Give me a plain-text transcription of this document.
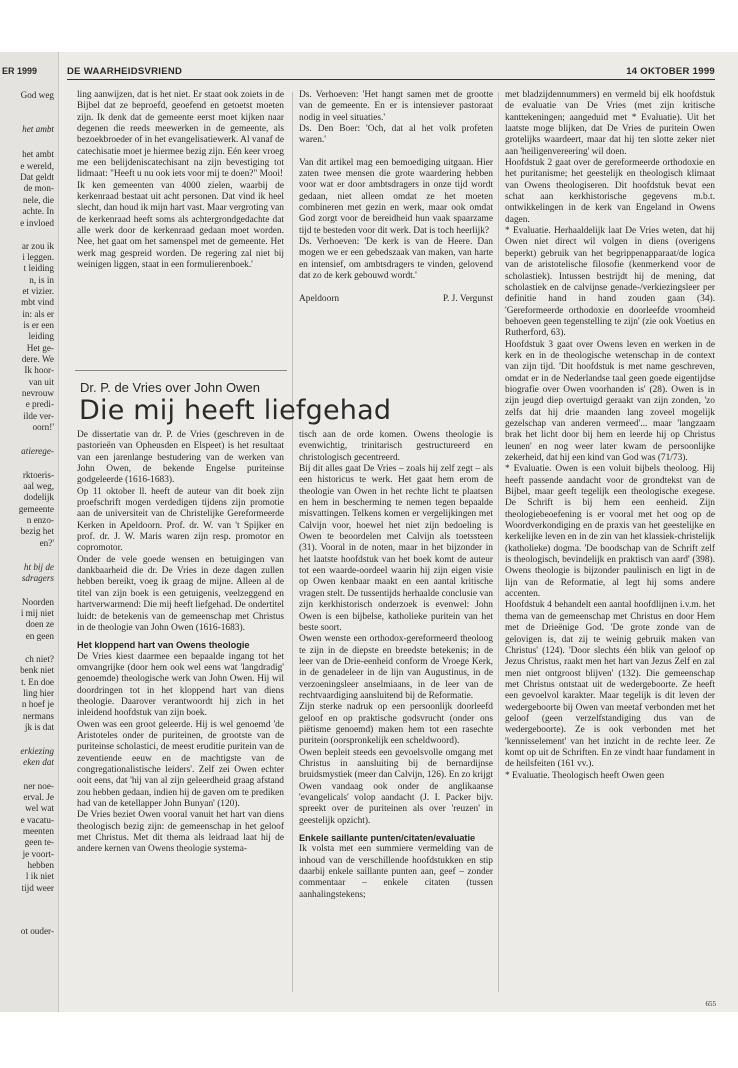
ER 1999
God weg
het ambt
het ambt
e wereld,
Dat geldt
de mon-
nele, die
achte. In
e invloed
ar zou ik
i leggen.
t leiding
n, is in
et vizier.
mbt vind
in: als er
is er een
leiding
Het ge-
dere. We
Ik hoor-
van uit
nevrouw
e predi-
ilde ver-
oorn!'
atieregе-
rktoeris-
aal weg,
dodelijk
gemeente
n enzo-
bezig het
en?'
ht bij de
sdragers
Noorden
i mij niet
doen ze
en geen
ch niet?
benk niet
t. En doe
ling hier
n hoef je
nermans
jk is dat
erkiezing
eken dat
ner noe-
erval. Je
wel wat
e vacatu-
meenten
geen te-
je voort-
hebben
l ik niet
tijd weer
ot ouder-
DE WAARHEIDSVRIEND	14 OKTOBER 1999

ling aanwijzen, dat is het niet. Er staat ook zoiets in de Bijbel dat ze beproefd, geoefend en getoetst moeten zijn. Ik denk dat de gemeente eerst moet kijken naar degenen die reeds meewerken in de gemeente, als bezoekbroeder of in het evangelisatiewerk. Al vanaf de catechisatie moet je hiermee bezig zijn. Eén keer vroeg me een belijdeniscatechisant na zijn bevestiging tot lidmaat: "Heeft u nu ook iets voor mij te doen?" Mooi!

Ik ken gemeenten van 4000 zielen, waarbij de kerkenraad bestaat uit acht personen. Dat vind ik heel slecht, dan houd ik mijn hart vast. Maar vergroting van de kerkenraad heeft soms als achtergrondgedachte dat alle werk door de kerkenraad gedaan moet worden. Nee, het gaat om het samenspel met de gemeente. Het werk mag gespreid worden. De regering zal niet bij weinigen liggen, staat in een formulierenboek.'

Ds. Verhoeven: 'Het hangt samen met de grootte van de gemeente. En er is intensiever pastoraat nodig in veel situaties.'

Ds. Den Boer: 'Och, dat al het volk profeten waren.'

Van dit artikel mag een bemoediging uitgaan. Hier zaten twee mensen die grote waardering hebben voor wat er door ambtsdragers in onze tijd wordt gedaan, niet alleen omdat ze het moeten combineren met gezin en werk, maar ook omdat God zorgt voor de bereidheid hun vaak spaarzame tijd te besteden voor dit werk. Dat is toch heerlijk?

Ds. Verhoeven: 'De kerk is van de Heere. Dan mogen we er een gebedszaak van maken, van harte en intensief, om ambtsdragers te vinden, gelovend dat zo de kerk gebouwd wordt.'

Apeldoorn	P. J. Vergunst
Dr. P. de Vries over John Owen
Die mij heeft liefgehad

De dissertatie van dr. P. de Vries (geschreven in de pastorieën van Opheusden en Elspeet) is het resultaat van een jarenlange bestudering van de werken van John Owen, de bekende Engelse puriteinse godgeleerde (1616-1683).

Op 11 oktober ll. heeft de auteur van dit boek zijn proefschrift mogen verdedigen tijdens zijn promotie aan de universiteit van de Christelijke Gereformeerde Kerken in Apeldoorn. Prof. dr. W. van 't Spijker en prof. dr. J. W. Maris waren zijn resp. promotor en copromotor.

Onder de vele goede wensen en betuigingen van dankbaarheid die dr. De Vries in deze dagen zullen hebben bereikt, voeg ik graag de mijne. Alleen al de titel van zijn boek is een getuigenis, veelzeggend en hartverwarmend: Die mij heeft liefgehad. De ondertitel luidt: de betekenis van de gemeenschap met Christus in de theologie van John Owen (1616-1683).

Het kloppend hart van Owens theologie

De Vries kiest daarmee een bepaalde ingang tot het omvangrijke (door hem ook wel eens wat 'langdradig' genoemde) theologische werk van John Owen. Hij wil doordringen tot in het kloppend hart van diens theologie. Daarover verantwoordt hij zich in het inleidend hoofdstuk van zijn boek.

Owen was een groot geleerde. Hij is wel genoemd 'de Aristoteles onder de puriteinen, de grootste van de puriteinse scholastici, de meest eruditie puritein van de zeventiende eeuw en de machtigste van de congregationalistische leiders'. Zelf zei Owen echter ooit eens, dat 'hij van al zijn geleerdheid graag afstand zou hebben gedaan, indien hij de gaven om te prediken had van de ketellapper John Bunyan' (120).

De Vries beziet Owen vooral vanuit het hart van diens theologisch bezig zijn: de gemeenschap in het geloof met Christus. Met dit thema als leidraad laat hij de andere kernen van Owens theologie systema-

tisch aan de orde komen. Owens theologie is evenwichtig, trinitarisch gestructureerd en christologisch gecentreerd.

Bij dit alles gaat De Vries – zoals hij zelf zegt – als een historicus te werk. Het gaat hem erom de theologie van Owen in het rechte licht te plaatsen en hem in bescherming te nemen tegen bepaalde misvattingen. Telkens komen er vergelijkingen met Calvijn voor, hoewel het niet zijn bedoeling is Owen te beoordelen met Calvijn als toetssteen (31). Vooral in de noten, maar in het bijzonder in het laatste hoofdstuk van het boek komt de auteur tot een waarde-oordeel waarin hij zijn eigen visie op Owen kenbaar maakt en een aantal kritische vragen stelt. De tussentijds herhaalde conclusie van zijn kerkhistorisch onderzoek is evenwel: John Owen is een bijbelse, katholieke puritein van het beste soort.

Owen wenste een orthodox-gereformeerd theoloog te zijn in de diepste en breedste betekenis; in de leer van de Drie-eenheid conform de Vroege Kerk, in de genadeleer in de lijn van Augustinus, in de verzoeningsleer anselmiaans, in de leer van de rechtvaardiging aansluitend bij de Reformatie.

Zijn sterke nadruk op een persoonlijk doorleefd geloof en op praktische godsvrucht (onder ons piëtisme genoemd) maken hem tot een rasechte puritein (oorspronkelijk een scheldwoord).

Owen bepleit steeds een gevoelsvolle omgang met Christus in aansluiting bij de bernardijnse bruidsmystiek (meer dan Calvijn, 126). En zo krijgt Owen vandaag ook onder de anglikaanse 'evangelicals' volop aandacht (J. I. Packer bijv. spreekt over de puriteinen als over 'reuzen' in geestelijk opzicht).

Enkele saillante punten/citaten/evaluatie

Ik volsta met een summiere vermelding van de inhoud van de verschillende hoofdstukken en stip daarbij enkele saillante punten aan, geef – zonder commentaar – enkele citaten (tussen aanhalingstekens;

met bladzijdennummers) en vermeld bij elk hoofdstuk de evaluatie van De Vries (met zijn kritische kanttekeningen; aangeduid met * Evaluatie). Uit het laatste moge blijken, dat De Vries de puritein Owen grotelijks waardeert, maar dat hij ten slotte zeker niet aan 'heiligenvereering' wil doen.

Hoofdstuk 2 gaat over de gereformeerde orthodoxie en het puritanisme; het geestelijk en theologisch klimaat van Owens theologiseren. Dit hoofdstuk bevat een schat aan kerkhistorische gegevens m.b.t. ontwikkelingen in de kerk van Engeland in Owens dagen.

* Evaluatie. Herhaaldelijk laat De Vries weten, dat hij Owen niet direct wil volgen in diens (overigens beperkt) gebruik van het begrippenapparaat/de logica van de aristotelische filosofie (kenmerkend voor de scholastiek). Intussen bestrijdt hij de mening, dat scholastiek en de calvijnse genade-/verkiezingsleer per definitie hand in hand zouden gaan (34). 'Gereformeerde orthodoxie en doorleefde vroomheid behoeven geen tegenstelling te zijn' (zie ook Voetius en Rutherford, 63).

Hoofdstuk 3 gaat over Owens leven en werken in de kerk en in de theologische wetenschap in de context van zijn tijd. 'Dit hoofdstuk is met name geschreven, omdat er in de Nederlandse taal geen goede eigentijdse biografie over Owen voorhanden is' (28). Owen is in zijn jeugd diep overtuigd geraakt van zijn zonden, 'zo zelfs dat hij drie maanden lang zoveel mogelijk gezelschap van anderen vermeed'... maar 'langzaam brak het licht door bij hem en leerde hij op Christus leunen' en nog weer later kwam de persoonlijke zekerheid, dat hij een kind van God was (71/73).

* Evaluatie. Owen is een voluit bijbels theoloog. Hij heeft passende aandacht voor de grondtekst van de Bijbel, maar geeft tegelijk een theologische exegese. De Schrift is bij hem een eenheid. Zijn theologiebeoefening is er vooral met het oog op de Woordverkondiging en de praxis van het geestelijke en kerkelijke leven en in de zin van het klassiek-christelijk (katholieke) dogma. 'De boodschap van de Schrift zelf is theologisch, bevindelijk en praktisch van aard' (398). Owens theologie is bijzonder paulinisch en ligt in de lijn van de Reformatie, al legt hij soms andere accenten.

Hoofdstuk 4 behandelt een aantal hoofdlijnen i.v.m. het thema van de gemeenschap met Christus en door Hem met de Drieënige God. 'De grote zonde van de gelovigen is, dat zij te weinig gebruik maken van Christus' (124). 'Door slechts één blik van geloof op Jezus Christus, raakt men het hart van Jezus Zelf en zal men niet ontgroost blijven' (132). Die gemeenschap met Christus ontstaat uit de wedergeboorte. Ze heeft een gevoelvol karakter. Maar tegelijk is dit leven der wedergeboorte bij Owen van meetaf verbonden met het geloof (geen verzelfstandiging dus van de wedergeboorte). Ze is ook verbonden met het 'kennisselement' van het inzicht in de rechte leer. Ze komt op uit de Schriften. En ze vindt haar fundament in de heilsfeiten (161 vv.).

* Evaluatie. Theologisch heeft Owen geen

655
